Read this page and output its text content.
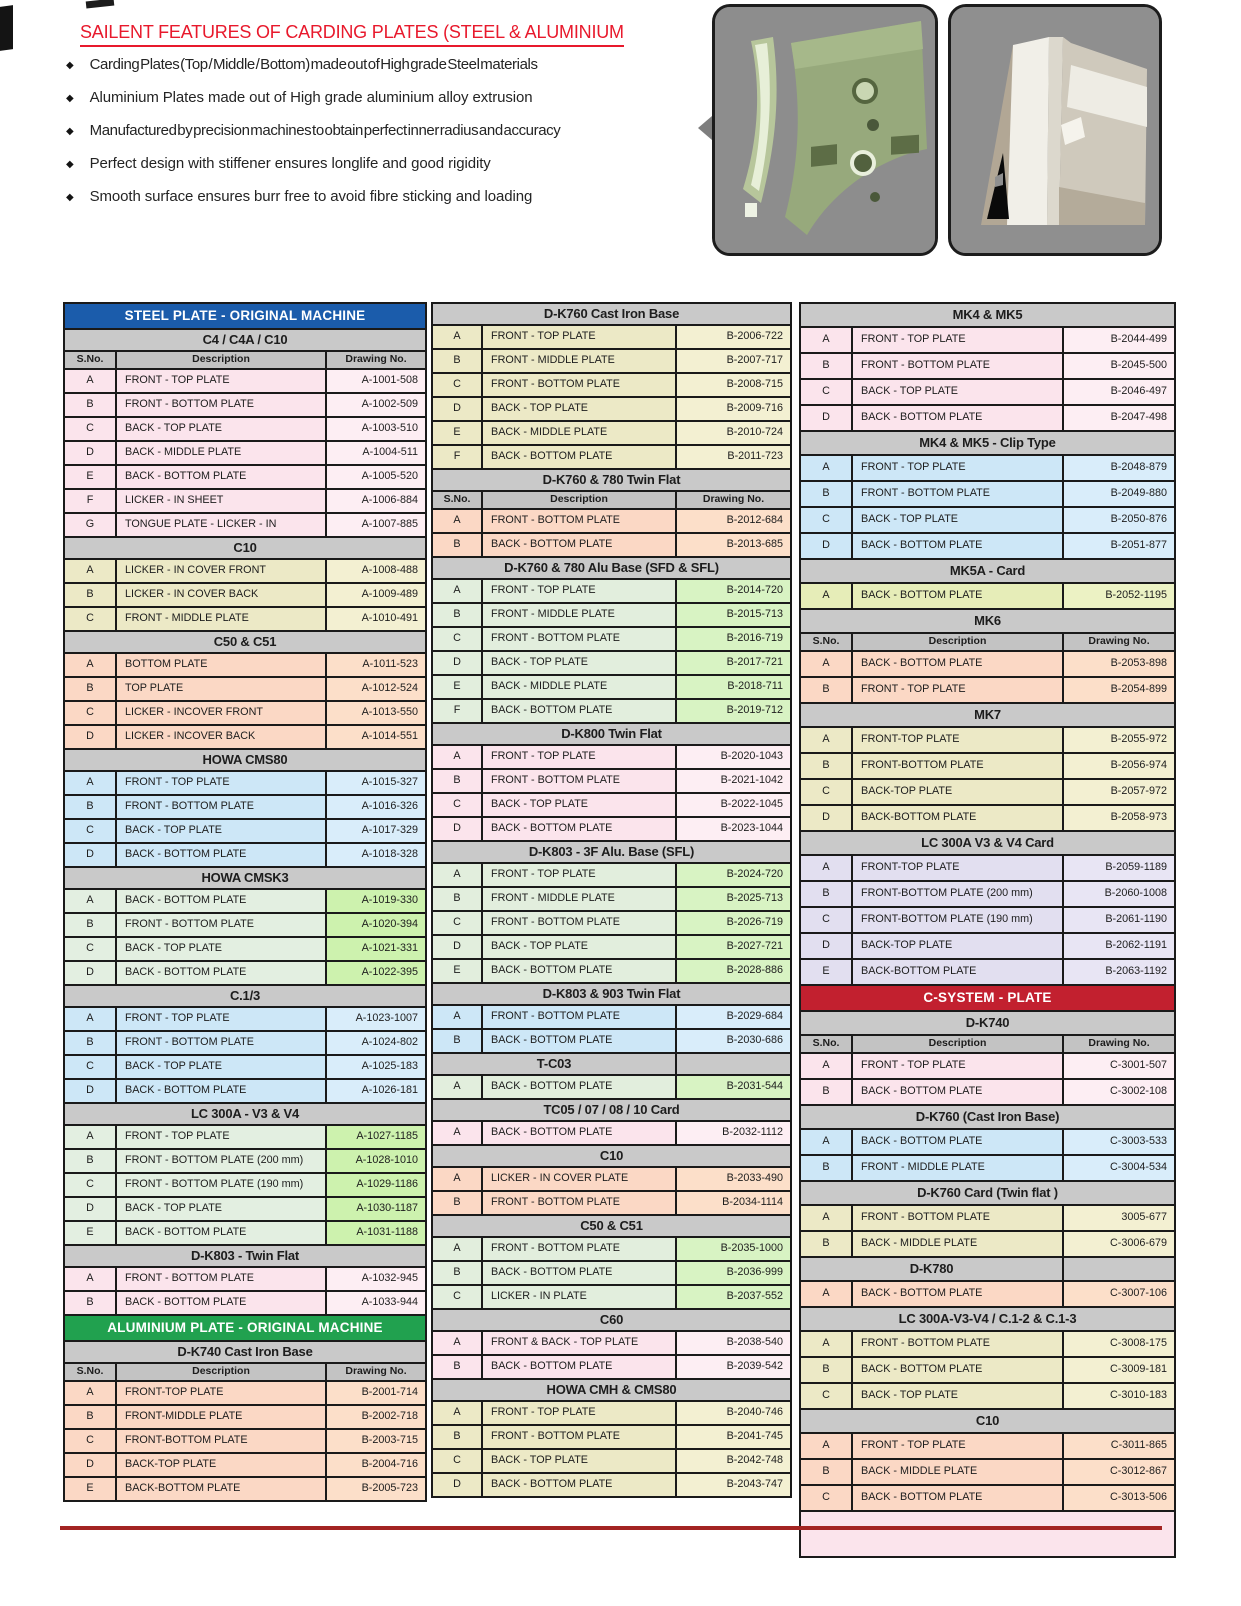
SAILENT FEATURES OF CARDING PLATES (STEEL & ALUMINIUM
◆ Carding Plates (Top / Middle / Bottom) made out of High grade Steel materials
◆ Aluminium Plates made out of High grade aluminium alloy extrusion
◆ Manufactured by precision machines to obtain perfect inner radius and accuracy
◆ Perfect design with stiffener ensures longlife and good rigidity
◆ Smooth surface ensures burr free to avoid fibre sticking and loading
STEEL PLATE - ORIGINAL MACHINE		
C4 / C4A / C10		
S.No.	Description	Drawing No.
A	FRONT - TOP PLATE	A-1001-508
B	FRONT - BOTTOM PLATE	A-1002-509
C	BACK - TOP PLATE	A-1003-510
D	BACK - MIDDLE PLATE	A-1004-511
E	BACK - BOTTOM PLATE	A-1005-520
F	LICKER - IN SHEET	A-1006-884
G	TONGUE PLATE - LICKER - IN	A-1007-885
C10		
A	LICKER - IN COVER FRONT	A-1008-488
B	LICKER - IN COVER BACK	A-1009-489
C	FRONT - MIDDLE PLATE	A-1010-491
C50 & C51		
A	BOTTOM PLATE	A-1011-523
B	TOP PLATE	A-1012-524
C	LICKER - INCOVER FRONT	A-1013-550
D	LICKER - INCOVER BACK	A-1014-551
HOWA CMS80		
A	FRONT - TOP PLATE	A-1015-327
B	FRONT - BOTTOM PLATE	A-1016-326
C	BACK - TOP PLATE	A-1017-329
D	BACK - BOTTOM PLATE	A-1018-328
HOWA CMSK3		
A	BACK - BOTTOM PLATE	A-1019-330
B	FRONT - BOTTOM PLATE	A-1020-394
C	BACK - TOP PLATE	A-1021-331
D	BACK - BOTTOM PLATE	A-1022-395
C.1/3		
A	FRONT - TOP PLATE	A-1023-1007
B	FRONT - BOTTOM PLATE	A-1024-802
C	BACK - TOP PLATE	A-1025-183
D	BACK - BOTTOM PLATE	A-1026-181
LC 300A - V3 & V4		
A	FRONT - TOP PLATE	A-1027-1185
B	FRONT - BOTTOM PLATE (200 mm)	A-1028-1010
C	FRONT - BOTTOM PLATE (190 mm)	A-1029-1186
D	BACK - TOP PLATE	A-1030-1187
E	BACK - BOTTOM PLATE	A-1031-1188
D-K803 - Twin Flat		
A	FRONT - BOTTOM PLATE	A-1032-945
B	BACK - BOTTOM PLATE	A-1033-944
ALUMINIUM PLATE - ORIGINAL MACHINE		
D-K740 Cast Iron Base		
S.No.	Description	Drawing No.
A	FRONT-TOP PLATE	B-2001-714
B	FRONT-MIDDLE PLATE	B-2002-718
C	FRONT-BOTTOM PLATE	B-2003-715
D	BACK-TOP PLATE	B-2004-716
E	BACK-BOTTOM PLATE	B-2005-723
D-K760 Cast Iron Base		
A	FRONT - TOP PLATE	B-2006-722
B	FRONT - MIDDLE PLATE	B-2007-717
C	FRONT - BOTTOM PLATE	B-2008-715
D	BACK - TOP PLATE	B-2009-716
E	BACK - MIDDLE PLATE	B-2010-724
F	BACK - BOTTOM PLATE	B-2011-723
D-K760 & 780 Twin Flat		
S.No.	Description	Drawing No.
A	FRONT - BOTTOM PLATE	B-2012-684
B	BACK - BOTTOM PLATE	B-2013-685
D-K760 & 780 Alu Base (SFD & SFL)		
A	FRONT - TOP PLATE	B-2014-720
B	FRONT - MIDDLE PLATE	B-2015-713
C	FRONT - BOTTOM PLATE	B-2016-719
D	BACK - TOP PLATE	B-2017-721
E	BACK - MIDDLE PLATE	B-2018-711
F	BACK - BOTTOM PLATE	B-2019-712
D-K800 Twin Flat		
A	FRONT - TOP PLATE	B-2020-1043
B	FRONT - BOTTOM PLATE	B-2021-1042
C	BACK - TOP PLATE	B-2022-1045
D	BACK - BOTTOM PLATE	B-2023-1044
D-K803 - 3F Alu. Base (SFL)		
A	FRONT - TOP PLATE	B-2024-720
B	FRONT - MIDDLE PLATE	B-2025-713
C	FRONT - BOTTOM PLATE	B-2026-719
D	BACK - TOP PLATE	B-2027-721
E	BACK - BOTTOM PLATE	B-2028-886
D-K803 & 903 Twin Flat		
A	FRONT - BOTTOM PLATE	B-2029-684
B	BACK - BOTTOM PLATE	B-2030-686
T-C03		
A	BACK - BOTTOM PLATE	B-2031-544
TC05 / 07 / 08 / 10 Card		
A	BACK - BOTTOM PLATE	B-2032-1112
C10		
A	LICKER - IN COVER PLATE	B-2033-490
B	FRONT - BOTTOM PLATE	B-2034-1114
C50 & C51		
A	FRONT - BOTTOM PLATE	B-2035-1000
B	BACK - BOTTOM PLATE	B-2036-999
C	LICKER - IN PLATE	B-2037-552
C60		
A	FRONT & BACK - TOP PLATE	B-2038-540
B	BACK - BOTTOM PLATE	B-2039-542
HOWA CMH & CMS80		
A	FRONT - TOP PLATE	B-2040-746
B	FRONT - BOTTOM PLATE	B-2041-745
C	BACK - TOP PLATE	B-2042-748
D	BACK - BOTTOM PLATE	B-2043-747
MK4 & MK5		
A	FRONT - TOP PLATE	B-2044-499
B	FRONT - BOTTOM PLATE	B-2045-500
C	BACK - TOP PLATE	B-2046-497
D	BACK - BOTTOM PLATE	B-2047-498
MK4 & MK5 - Clip Type		
A	FRONT - TOP PLATE	B-2048-879
B	FRONT - BOTTOM PLATE	B-2049-880
C	BACK - TOP PLATE	B-2050-876
D	BACK - BOTTOM PLATE	B-2051-877
MK5A - Card		
A	BACK - BOTTOM PLATE	B-2052-1195
MK6		
S.No.	Description	Drawing No.
A	BACK - BOTTOM PLATE	B-2053-898
B	FRONT - TOP PLATE	B-2054-899
MK7		
A	FRONT-TOP PLATE	B-2055-972
B	FRONT-BOTTOM PLATE	B-2056-974
C	BACK-TOP PLATE	B-2057-972
D	BACK-BOTTOM PLATE	B-2058-973
LC 300A V3 & V4 Card		
A	FRONT-TOP PLATE	B-2059-1189
B	FRONT-BOTTOM PLATE (200 mm)	B-2060-1008
C	FRONT-BOTTOM PLATE (190 mm)	B-2061-1190
D	BACK-TOP PLATE	B-2062-1191
E	BACK-BOTTOM PLATE	B-2063-1192
C-SYSTEM - PLATE		
D-K740		
S.No.	Description	Drawing No.
A	FRONT - TOP PLATE	C-3001-507
B	BACK - BOTTOM PLATE	C-3002-108
D-K760 (Cast Iron Base)		
A	BACK - BOTTOM PLATE	C-3003-533
B	FRONT - MIDDLE PLATE	C-3004-534
D-K760 Card (Twin flat )		
A	FRONT - BOTTOM PLATE	3005-677
B	BACK - MIDDLE PLATE	C-3006-679
D-K780		
A	BACK - BOTTOM PLATE	C-3007-106
LC 300A-V3-V4 / C.1-2 & C.1-3		
A	FRONT - BOTTOM PLATE	C-3008-175
B	BACK - BOTTOM PLATE	C-3009-181
C	BACK - TOP PLATE	C-3010-183
C10		
A	FRONT - TOP PLATE	C-3011-865
B	BACK - MIDDLE PLATE	C-3012-867
C	BACK - BOTTOM PLATE	C-3013-506
